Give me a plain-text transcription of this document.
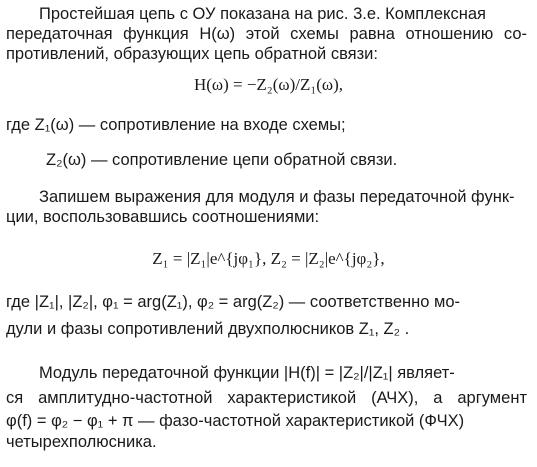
Простейшая цепь с ОУ показана на рис. 3.е. Комплексная
передаточная функция H(ω) этой схемы равна отношению со-
противлений, образующих цепь обратной связи:
H(ω) = −Z₂(ω)/Z₁(ω),
где Z₁(ω) — сопротивление на входе схемы;
Z₂(ω) — сопротивление цепи обратной связи.
Запишем выражения для модуля и фазы передаточной функ-
ции, воспользовавшись соотношениями:
Z₁ = |Z₁|e^{jφ₁}, Z₂ = |Z₂|e^{jφ₂},
где |Z₁|, |Z₂|, φ₁ = arg(Z₁), φ₂ = arg(Z₂) — соответственно мо-
дули и фазы сопротивлений двухполюсников Z₁, Z₂ .
Модуль передаточной функции |H(f)| = |Z₂|/|Z₁| являет-
ся амплитудно-частотной характеристикой (АЧХ), а аргумент
φ(f) = φ₂ − φ₁ + π — фазо-частотной характеристикой (ФЧХ)
четырехполюсника.
